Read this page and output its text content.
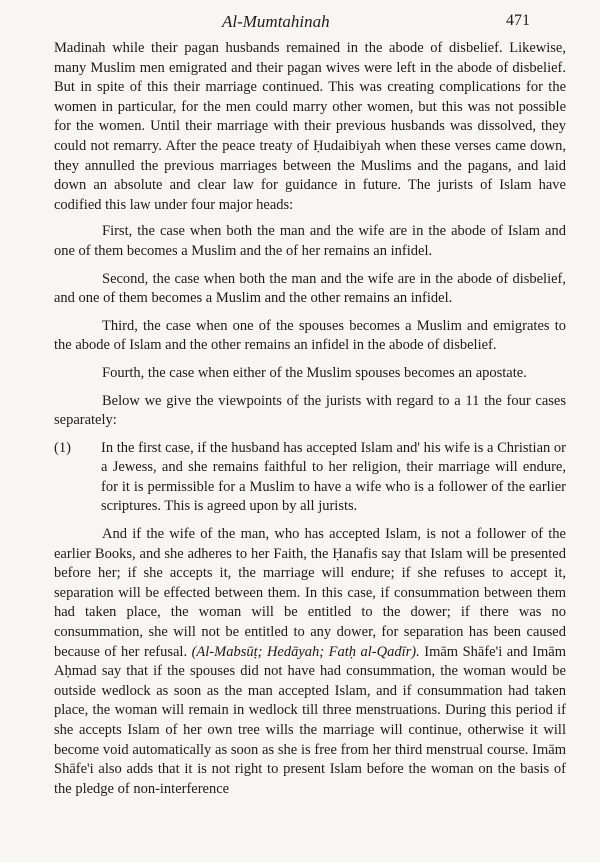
Al-Mumtahinah	471

Madinah while their pagan husbands remained in the abode of disbelief. Likewise, many Muslim men emigrated and their pagan wives were left in the abode of disbelief. But in spite of this their marriage continued. This was creating complications for the women in particular, for the men could marry other women, but this was not possible for the women. Until their marriage with their previous husbands was dissolved, they could not remarry. After the peace treaty of Ḥudaibiyah when these verses came down, they annulled the previous marriages between the Muslims and the pagans, and laid down an absolute and clear law for guidance in future. The jurists of Islam have codified this law under four major heads:

First, the case when both the man and the wife are in the abode of Islam and one of them becomes a Muslim and the of her remains an infidel.

Second, the case when both the man and the wife are in the abode of disbelief, and one of them becomes a Muslim and the other remains an infidel.

Third, the case when one of the spouses becomes a Muslim and emigrates to the abode of Islam and the other remains an infidel in the abode of disbelief.

Fourth, the case when either of the Muslim spouses becomes an apostate.

Below we give the viewpoints of the jurists with regard to a 11 the four cases separately:

(1) In the first case, if the husband has accepted Islam and' his wife is a Christian or a Jewess, and she remains faithful to her religion, their marriage will endure, for it is permissible for a Muslim to have a wife who is a follower of the earlier scriptures. This is agreed upon by all jurists.

And if the wife of the man, who has accepted Islam, is not a follower of the earlier Books, and she adheres to her Faith, the Ḥanafis say that Islam will be presented before her; if she accepts it, the marriage will endure; if she refuses to accept it, separation will be effected between them. In this case, if consummation between them had taken place, the woman will be entitled to the dower; if there was no consummation, she will not be entitled to any dower, for separation has been caused because of her refusal. (Al-Mabsūṭ; Hedāyah; Fatḥ al-Qadīr). Imām Shāfe'i and Imām Aḥmad say that if the spouses did not have had consummation, the woman would be outside wedlock as soon as the man accepted Islam, and if consummation had taken place, the woman will remain in wedlock till three menstruations. During this period if she accepts Islam of her own tree wills the marriage will continue, otherwise it will become void automatically as soon as she is free from her third menstrual course. Imām Shāfe'i also adds that it is not right to present Islam before the woman on the basis of the pledge of non-interference
